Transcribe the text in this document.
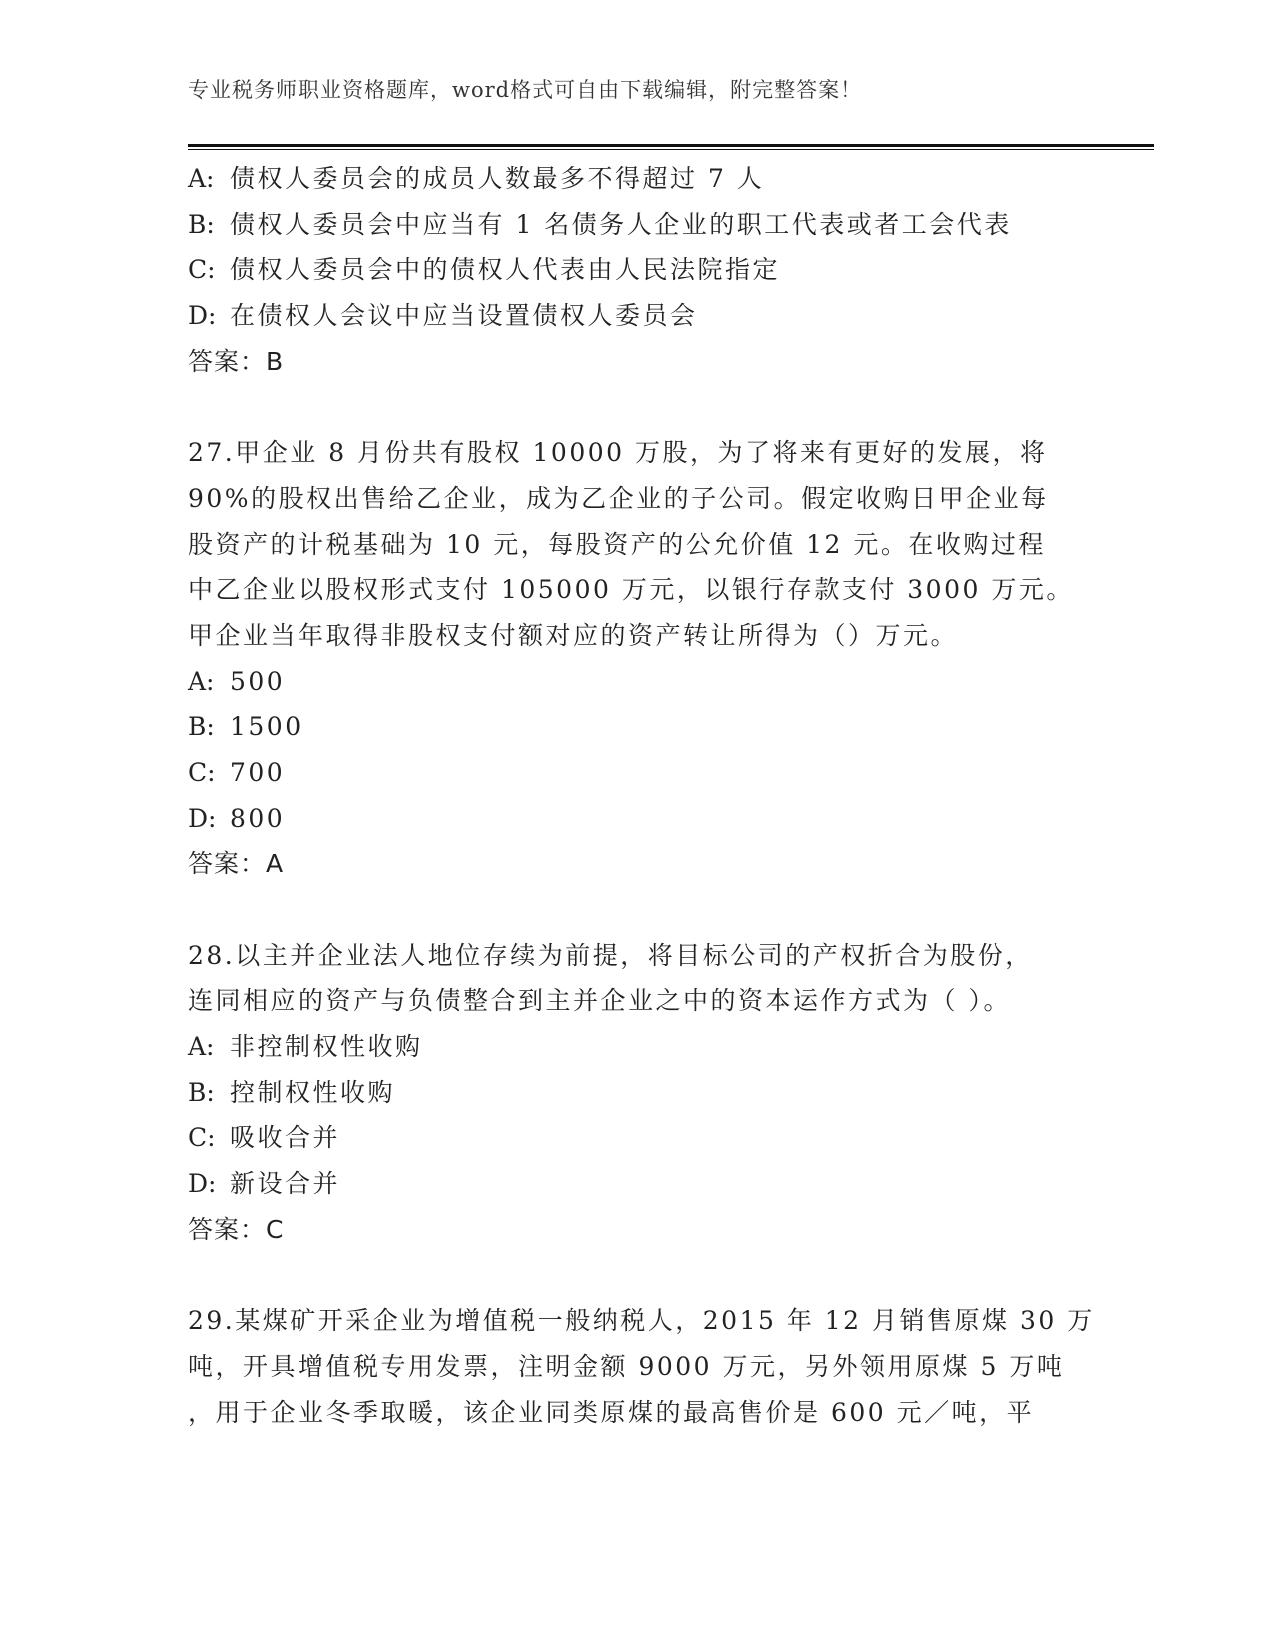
专业税务师职业资格题库，word格式可自由下载编辑，附完整答案！
A: 债权人委员会的成员人数最多不得超过 7 人
B: 债权人委员会中应当有 1 名债务人企业的职工代表或者工会代表
C: 债权人委员会中的债权人代表由人民法院指定
D: 在债权人会议中应当设置债权人委员会
答案：B
27.甲企业 8 月份共有股权 10000 万股，为了将来有更好的发展，将
90%的股权出售给乙企业，成为乙企业的子公司。假定收购日甲企业每
股资产的计税基础为 10 元，每股资产的公允价值 12 元。在收购过程
中乙企业以股权形式支付 105000 万元，以银行存款支付 3000 万元。
甲企业当年取得非股权支付额对应的资产转让所得为（）万元。
A: 500
B: 1500
C: 700
D: 800
答案：A
28.以主并企业法人地位存续为前提，将目标公司的产权折合为股份，
连同相应的资产与负债整合到主并企业之中的资本运作方式为（ ）。
A: 非控制权性收购
B: 控制权性收购
C: 吸收合并
D: 新设合并
答案：C
29.某煤矿开采企业为增值税一般纳税人，2015 年 12 月销售原煤 30 万
吨，开具增值税专用发票，注明金额 9000 万元，另外领用原煤 5 万吨
，用于企业冬季取暖，该企业同类原煤的最高售价是 600 元／吨，平
